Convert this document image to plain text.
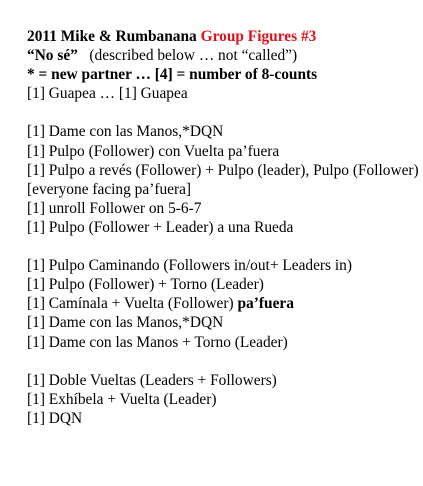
2011 Mike & Rumbanana Group Figures #3
“No sé”   (described below … not “called”)
* = new partner … [4] = number of 8-counts
[1] Guapea … [1] Guapea
[1] Dame con las Manos,*DQN
[1] Pulpo (Follower) con Vuelta pa’fuera
[1] Pulpo a revés (Follower) + Pulpo (leader), Pulpo (Follower) [everyone facing pa’fuera]
[1] unroll Follower on 5-6-7
[1] Pulpo (Follower + Leader) a una Rueda
[1] Pulpo Caminando (Followers in/out+ Leaders in)
[1] Pulpo (Follower) + Torno (Leader)
[1] Camínala + Vuelta (Follower) pa’fuera
[1] Dame con las Manos,*DQN
[1] Dame con las Manos + Torno (Leader)
[1] Doble Vueltas (Leaders + Followers)
[1] Exhíbela + Vuelta (Leader)
[1] DQN
